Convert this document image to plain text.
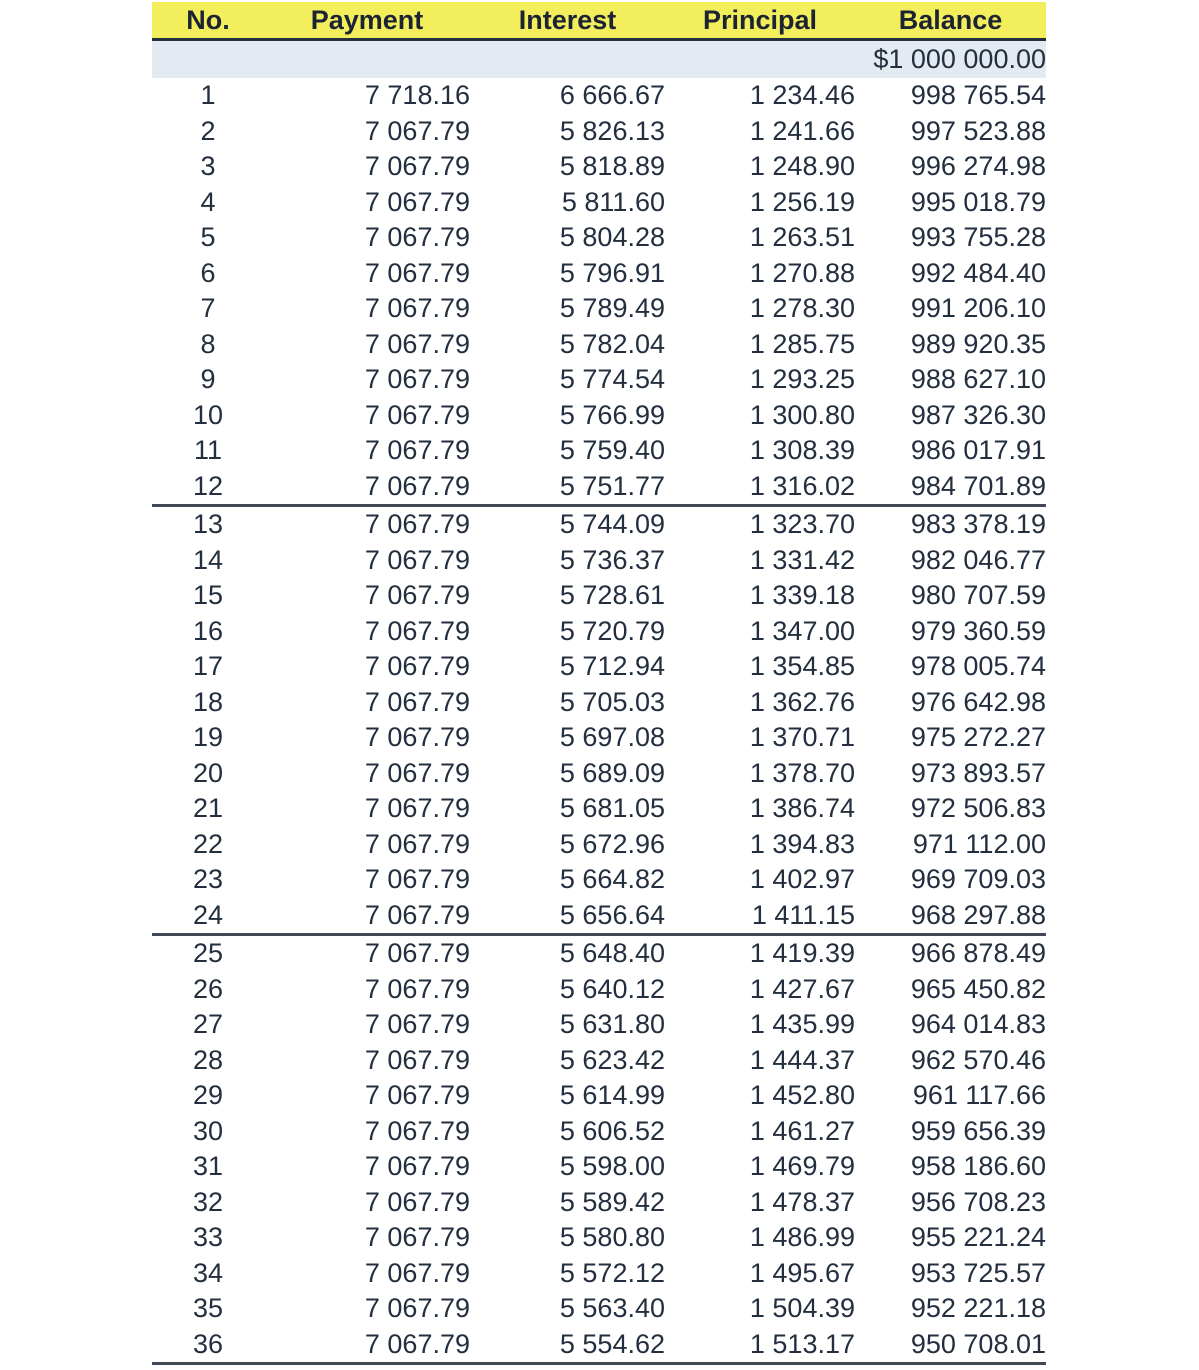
No.	Payment	Interest	Principal	Balance
				$1 000 000.00
1	7 718.16	6 666.67	1 234.46	998 765.54
2	7 067.79	5 826.13	1 241.66	997 523.88
3	7 067.79	5 818.89	1 248.90	996 274.98
4	7 067.79	5 811.60	1 256.19	995 018.79
5	7 067.79	5 804.28	1 263.51	993 755.28
6	7 067.79	5 796.91	1 270.88	992 484.40
7	7 067.79	5 789.49	1 278.30	991 206.10
8	7 067.79	5 782.04	1 285.75	989 920.35
9	7 067.79	5 774.54	1 293.25	988 627.10
10	7 067.79	5 766.99	1 300.80	987 326.30
11	7 067.79	5 759.40	1 308.39	986 017.91
12	7 067.79	5 751.77	1 316.02	984 701.89
13	7 067.79	5 744.09	1 323.70	983 378.19
14	7 067.79	5 736.37	1 331.42	982 046.77
15	7 067.79	5 728.61	1 339.18	980 707.59
16	7 067.79	5 720.79	1 347.00	979 360.59
17	7 067.79	5 712.94	1 354.85	978 005.74
18	7 067.79	5 705.03	1 362.76	976 642.98
19	7 067.79	5 697.08	1 370.71	975 272.27
20	7 067.79	5 689.09	1 378.70	973 893.57
21	7 067.79	5 681.05	1 386.74	972 506.83
22	7 067.79	5 672.96	1 394.83	971 112.00
23	7 067.79	5 664.82	1 402.97	969 709.03
24	7 067.79	5 656.64	1 411.15	968 297.88
25	7 067.79	5 648.40	1 419.39	966 878.49
26	7 067.79	5 640.12	1 427.67	965 450.82
27	7 067.79	5 631.80	1 435.99	964 014.83
28	7 067.79	5 623.42	1 444.37	962 570.46
29	7 067.79	5 614.99	1 452.80	961 117.66
30	7 067.79	5 606.52	1 461.27	959 656.39
31	7 067.79	5 598.00	1 469.79	958 186.60
32	7 067.79	5 589.42	1 478.37	956 708.23
33	7 067.79	5 580.80	1 486.99	955 221.24
34	7 067.79	5 572.12	1 495.67	953 725.57
35	7 067.79	5 563.40	1 504.39	952 221.18
36	7 067.79	5 554.62	1 513.17	950 708.01
